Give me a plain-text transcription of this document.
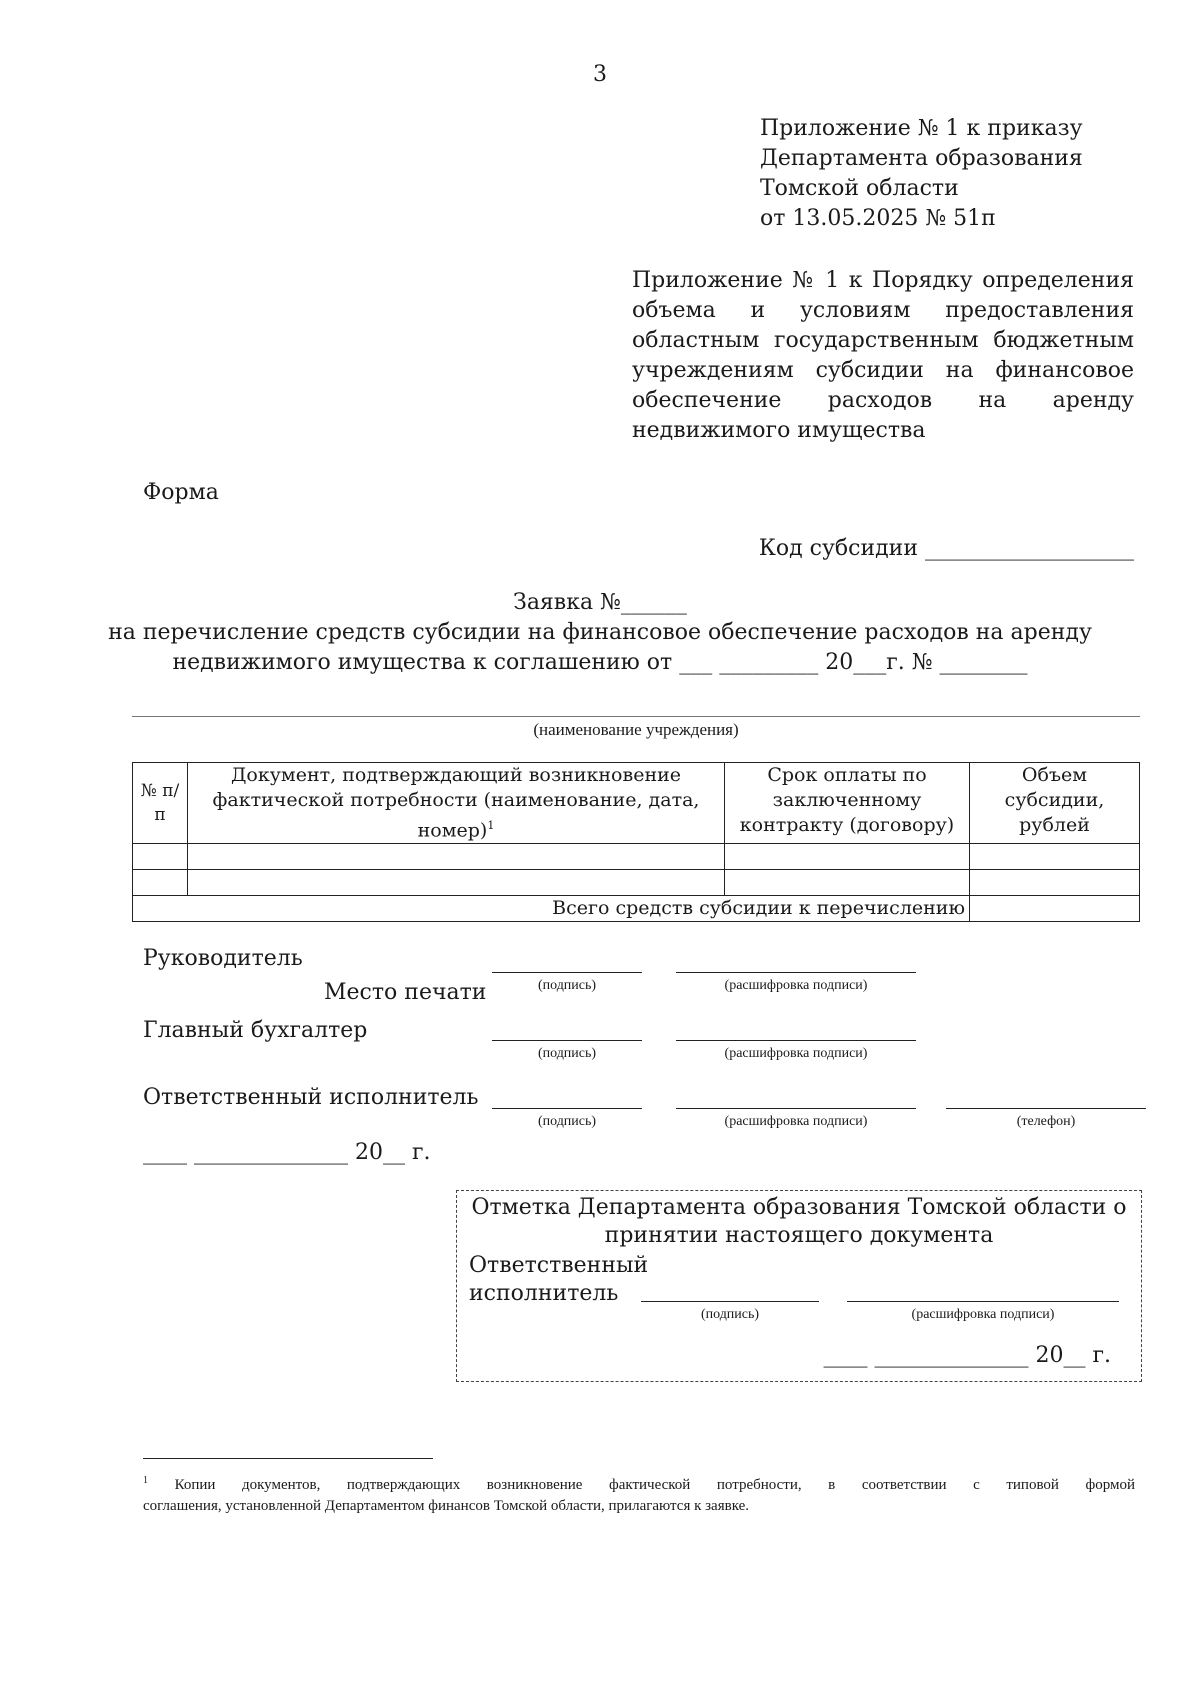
3
Приложение № 1 к приказу
Департамента образования
Томской области
от 13.05.2025 № 51п
Приложение № 1 к Порядку определения
объема и условиям предоставления
областным государственным бюджетным
учреждениям субсидии на финансовое
обеспечение расходов на аренду
недвижимого имущества
Форма
Код субсидии ___________________
Заявка №______
на перечисление средств субсидии на финансовое обеспечение расходов на аренду
недвижимого имущества к соглашению от ___ _________ 20___г. № ________
(наименование учреждения)
№ п/п	Документ, подтверждающий возникновение фактической потребности (наименование, дата, номер)$^1$	Срок оплаты по заключенному контракту (договору)	Объем субсидии, рублей

Всего средств субсидии к перечислению			
Руководитель
Место печати	(подпись)	(расшифровка подписи)
Главный бухгалтер
(подпись)	(расшифровка подписи)
Ответственный исполнитель
(подпись)	(расшифровка подписи)	(телефон)
____ ______________ 20__ г.
Отметка Департамента образования Томской области о
принятии настоящего документа
Ответственный
исполнитель
(подпись)	(расшифровка подписи)
____ ______________ 20__ г.
$^1$ Копии документов, подтверждающих возникновение фактической потребности, в соответствии с типовой формой
соглашения, установленной Департаментом финансов Томской области, прилагаются к заявке.
